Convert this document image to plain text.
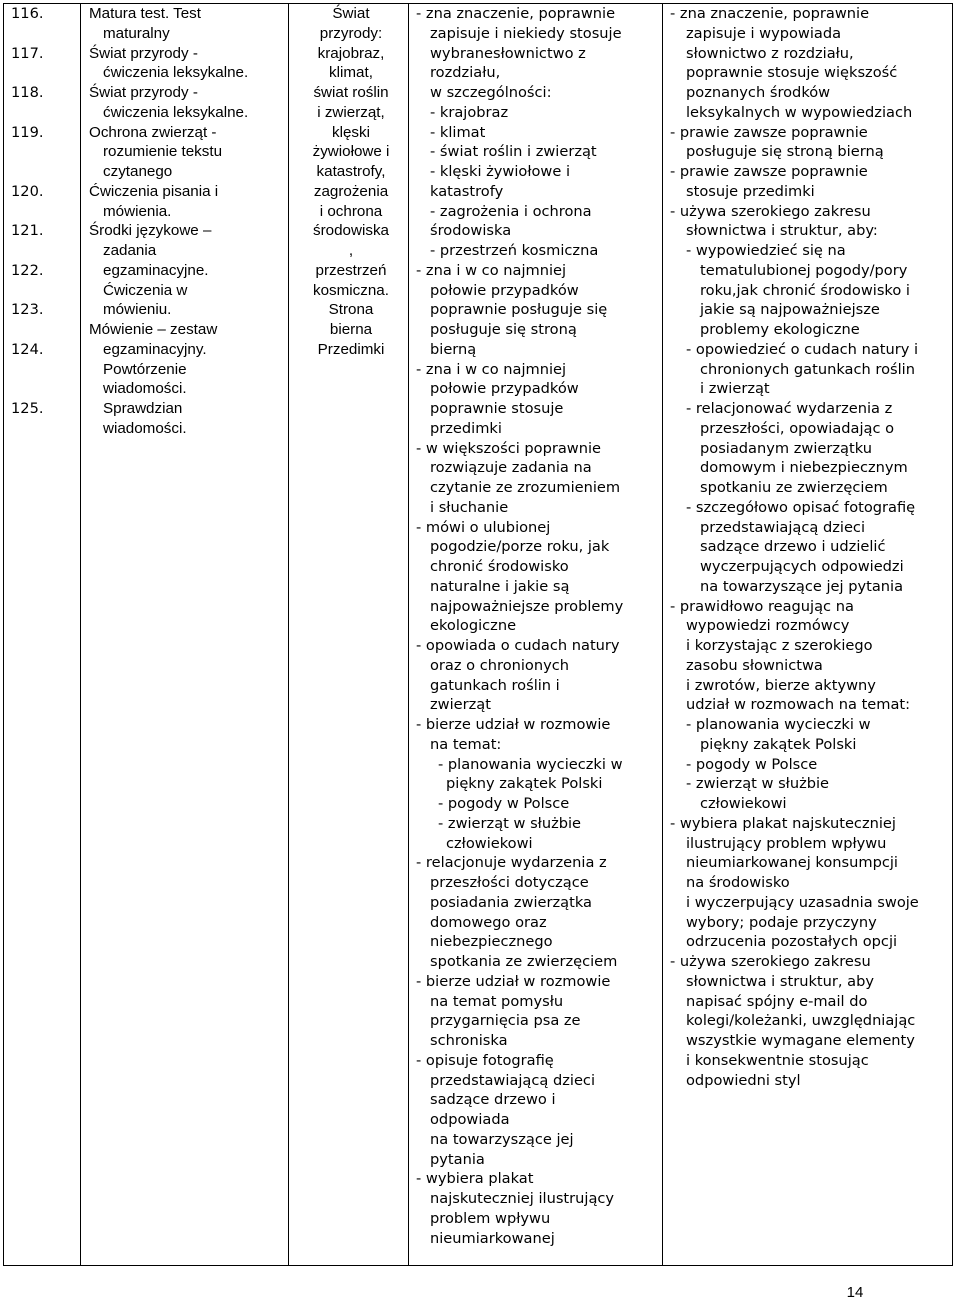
116.
117.
118.
119.
120.
121.
122.
123.
124.
125.
Matura test. Test
maturalny
Świat przyrody -
ćwiczenia leksykalne.
Świat przyrody -
ćwiczenia leksykalne.
Ochrona zwierząt -
rozumienie tekstu
czytanego
Ćwiczenia pisania i
mówienia.
Środki językowe –
zadania
egzaminacyjne.
Ćwiczenia w
mówieniu.
Mówienie – zestaw
egzaminacyjny.
Powtórzenie
wiadomości.
Sprawdzian
wiadomości.
Świat
przyrody:
krajobraz,
klimat,
świat roślin
i zwierząt,
klęski
żywiołowe i
katastrofy,
zagrożenia
i ochrona
środowiska
,
przestrzeń
kosmiczna.
Strona
bierna
Przedimki
- zna znaczenie, poprawnie
zapisuje i niekiedy stosuje
wybranesłownictwo z
rozdziału,
w szczególności:
- krajobraz
- klimat
- świat roślin i zwierząt
- klęski żywiołowe i
katastrofy
- zagrożenia i ochrona
środowiska
- przestrzeń kosmiczna
- zna i w co najmniej
połowie przypadków
poprawnie posługuje się
posługuje się stroną
bierną
- zna i w co najmniej
połowie przypadków
poprawnie stosuje
przedimki
- w większości poprawnie
rozwiązuje zadania na
czytanie ze zrozumieniem
i słuchanie
- mówi o ulubionej
pogodzie/porze roku, jak
chronić środowisko
naturalne i jakie są
najpoważniejsze problemy
ekologiczne
- opowiada o cudach natury
oraz o chronionych
gatunkach roślin i
zwierząt
- bierze udział w rozmowie
na temat:
- planowania wycieczki w
piękny zakątek Polski
- pogody w Polsce
- zwierząt w służbie
człowiekowi
- relacjonuje wydarzenia z
przeszłości dotyczące
posiadania zwierzątka
domowego oraz
niebezpiecznego
spotkania ze zwierzęciem
- bierze udział w rozmowie
na temat pomysłu
przygarnięcia psa ze
schroniska
- opisuje fotografię
przedstawiającą dzieci
sadzące drzewo i
odpowiada
na towarzyszące jej
pytania
- wybiera plakat
najskuteczniej ilustrujący
problem wpływu
nieumiarkowanej
- zna znaczenie, poprawnie
zapisuje i wypowiada
słownictwo z rozdziału,
poprawnie stosuje większość
poznanych środków
leksykalnych w wypowiedziach
- prawie zawsze poprawnie
posługuje się stroną bierną
- prawie zawsze poprawnie
stosuje przedimki
- używa szerokiego zakresu
słownictwa i struktur, aby:
- wypowiedzieć się na
tematulubionej pogody/pory
roku,jak chronić środowisko i
jakie są najpoważniejsze
problemy ekologiczne
- opowiedzieć o cudach natury i
chronionych gatunkach roślin
i zwierząt
- relacjonować wydarzenia z
przeszłości, opowiadając o
posiadanym zwierzątku
domowym i niebezpiecznym
spotkaniu ze zwierzęciem
- szczegółowo opisać fotografię
przedstawiającą dzieci
sadzące drzewo i udzielić
wyczerpujących odpowiedzi
na towarzyszące jej pytania
- prawidłowo reagując na
wypowiedzi rozmówcy
i korzystając z szerokiego
zasobu słownictwa
i zwrotów, bierze aktywny
udział w rozmowach na temat:
- planowania wycieczki w
piękny zakątek Polski
- pogody w Polsce
- zwierząt w służbie
człowiekowi
- wybiera plakat najskuteczniej
ilustrujący problem wpływu
nieumiarkowanej konsumpcji
na środowisko
i wyczerpujący uzasadnia swoje
wybory; podaje przyczyny
odrzucenia pozostałych opcji
- używa szerokiego zakresu
słownictwa i struktur, aby
napisać spójny e-mail do
kolegi/koleżanki, uwzględniając
wszystkie wymagane elementy
i konsekwentnie stosując
odpowiedni styl
14
